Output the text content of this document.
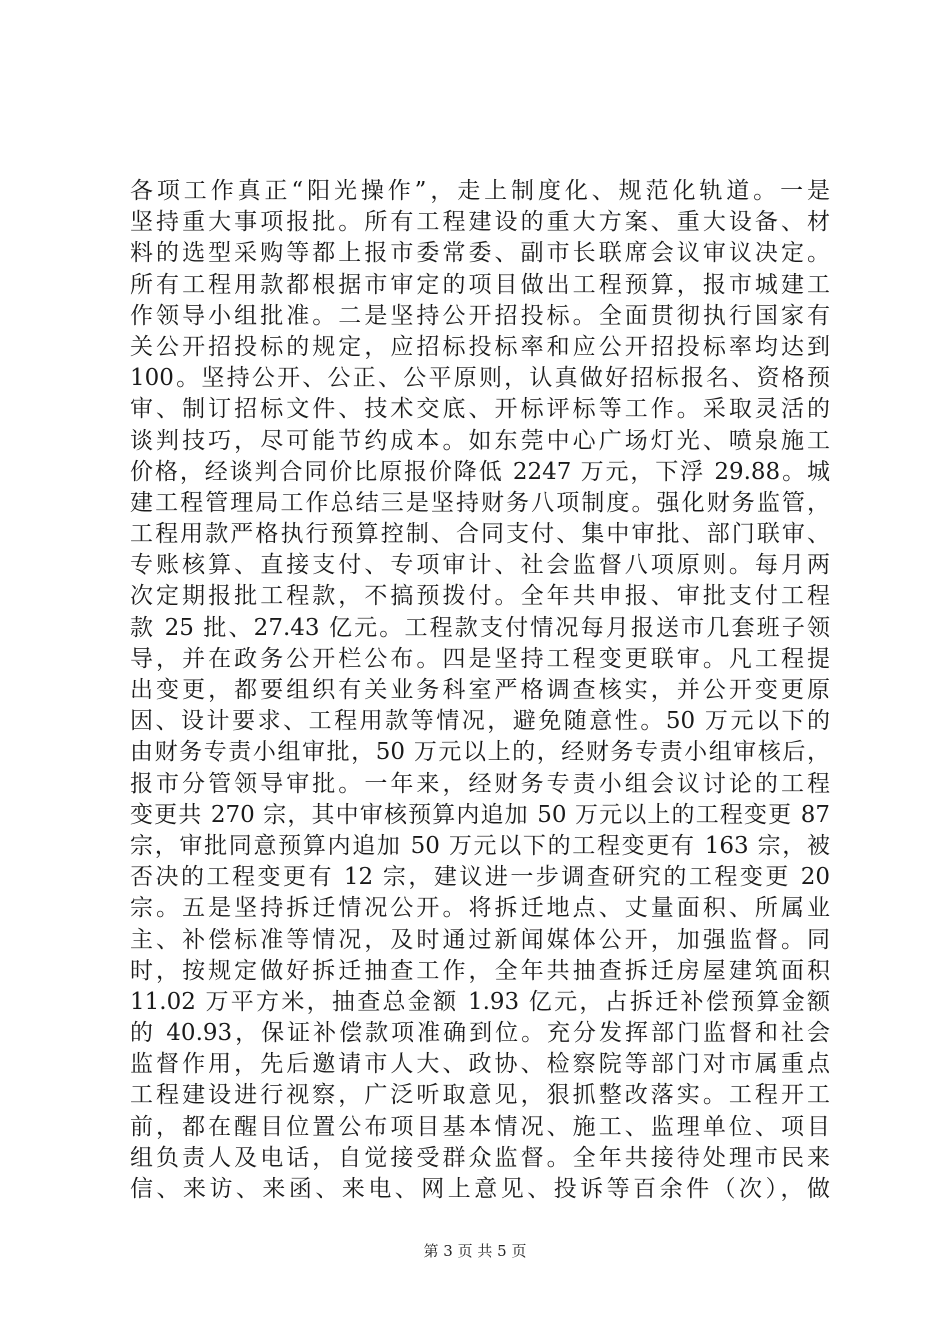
各项工作真正“阳光操作”，走上制度化、规范化轨道。一是
坚持重大事项报批。所有工程建设的重大方案、重大设备、材
料的选型采购等都上报市委常委、副市长联席会议审议决定。
所有工程用款都根据市审定的项目做出工程预算，报市城建工
作领导小组批准。二是坚持公开招投标。全面贯彻执行国家有
关公开招投标的规定，应招标投标率和应公开招投标率均达到
100。坚持公开、公正、公平原则，认真做好招标报名、资格预
审、制订招标文件、技术交底、开标评标等工作。采取灵活的
谈判技巧，尽可能节约成本。如东莞中心广场灯光、喷泉施工
价格，经谈判合同价比原报价降低 2247 万元，下浮 29.88。城
建工程管理局工作总结三是坚持财务八项制度。强化财务监管，
工程用款严格执行预算控制、合同支付、集中审批、部门联审、
专账核算、直接支付、专项审计、社会监督八项原则。每月两
次定期报批工程款，不搞预拨付。全年共申报、审批支付工程
款 25 批、27.43 亿元。工程款支付情况每月报送市几套班子领
导，并在政务公开栏公布。四是坚持工程变更联审。凡工程提
出变更，都要组织有关业务科室严格调查核实，并公开变更原
因、设计要求、工程用款等情况，避免随意性。50 万元以下的
由财务专责小组审批，50 万元以上的，经财务专责小组审核后，
报市分管领导审批。一年来，经财务专责小组会议讨论的工程
变更共 270 宗，其中审核预算内追加 50 万元以上的工程变更 87
宗，审批同意预算内追加 50 万元以下的工程变更有 163 宗，被
否决的工程变更有 12 宗，建议进一步调查研究的工程变更 20
宗。五是坚持拆迁情况公开。将拆迁地点、丈量面积、所属业
主、补偿标准等情况，及时通过新闻媒体公开，加强监督。同
时，按规定做好拆迁抽查工作，全年共抽查拆迁房屋建筑面积
11.02 万平方米，抽查总金额 1.93 亿元，占拆迁补偿预算金额
的 40.93，保证补偿款项准确到位。充分发挥部门监督和社会
监督作用，先后邀请市人大、政协、检察院等部门对市属重点
工程建设进行视察，广泛听取意见，狠抓整改落实。工程开工
前，都在醒目位置公布项目基本情况、施工、监理单位、项目
组负责人及电话，自觉接受群众监督。全年共接待处理市民来
信、来访、来函、来电、网上意见、投诉等百余件（次），做
第 3 页 共 5 页
